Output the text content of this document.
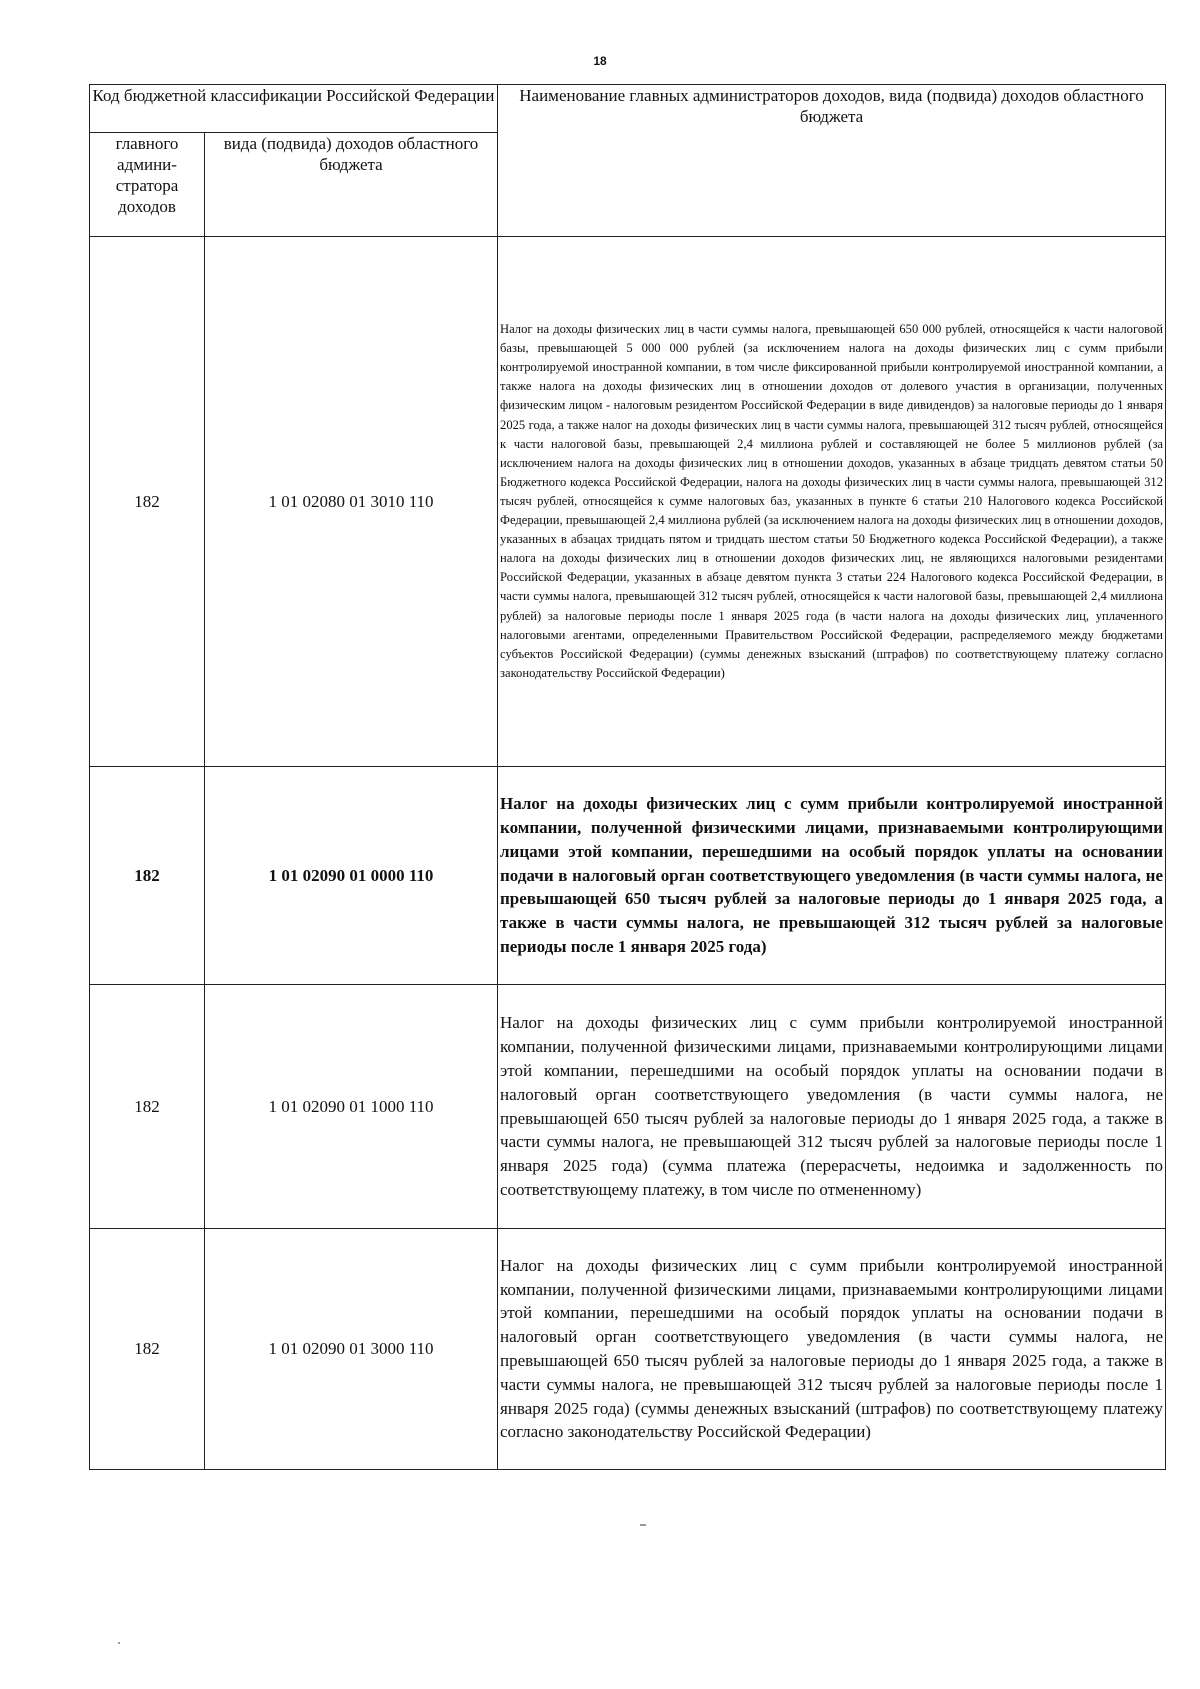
18
Код бюджетной классификации Российской Федерации		Наименование главных администраторов доходов, вида (подвида) доходов областного бюджета
главного админи-стратора доходов	вида (подвида) доходов областного бюджета	
182	1 01 02080 01 3010 110	Налог на доходы физических лиц в части суммы налога, превышающей 650 000 рублей, относящейся к части налоговой базы, превышающей 5 000 000 рублей (за исключением налога на доходы физических лиц с сумм прибыли контролируемой иностранной компании, в том числе фиксированной прибыли контролируемой иностранной компании, а также налога на доходы физических лиц в отношении доходов от долевого участия в организации, полученных физическим лицом - налоговым резидентом Российской Федерации в виде дивидендов) за налоговые периоды до 1 января 2025 года, а также налог на доходы физических лиц в части суммы налога, превышающей 312 тысяч рублей, относящейся к части налоговой базы, превышающей 2,4 миллиона рублей и составляющей не более 5 миллионов рублей (за исключением налога на доходы физических лиц в отношении доходов, указанных в абзаце тридцать девятом статьи 50 Бюджетного кодекса Российской Федерации, налога на доходы физических лиц в части суммы налога, превышающей 312 тысяч рублей, относящейся к сумме налоговых баз, указанных в пункте 6 статьи 210 Налогового кодекса Российской Федерации, превышающей 2,4 миллиона рублей (за исключением налога на доходы физических лиц в отношении доходов, указанных в абзацах тридцать пятом и тридцать шестом статьи 50 Бюджетного кодекса Российской Федерации), а также налога на доходы физических лиц в отношении доходов физических лиц, не являющихся налоговыми резидентами Российской Федерации, указанных в абзаце девятом пункта 3 статьи 224 Налогового кодекса Российской Федерации, в части суммы налога, превышающей 312 тысяч рублей, относящейся к части налоговой базы, превышающей 2,4 миллиона рублей) за налоговые периоды после 1 января 2025 года (в части налога на доходы физических лиц, уплаченного налоговыми агентами, определенными Правительством Российской Федерации, распределяемого между бюджетами субъектов Российской Федерации) (суммы денежных взысканий (штрафов) по соответствующему платежу согласно законодательству Российской Федерации)
182	1 01 02090 01 0000 110	Налог на доходы физических лиц с сумм прибыли контролируемой иностранной компании, полученной физическими лицами, признаваемыми контролирующими лицами этой компании, перешедшими на особый порядок уплаты на основании подачи в налоговый орган соответствующего уведомления (в части суммы налога, не превышающей 650 тысяч рублей за налоговые периоды до 1 января 2025 года, а также в части суммы налога, не превышающей 312 тысяч рублей за налоговые периоды после 1 января 2025 года)
182	1 01 02090 01 1000 110	Налог на доходы физических лиц с сумм прибыли контролируемой иностранной компании, полученной физическими лицами, признаваемыми контролирующими лицами этой компании, перешедшими на особый порядок уплаты на основании подачи в налоговый орган соответствующего уведомления (в части суммы налога, не превышающей 650 тысяч рублей за налоговые периоды до 1 января 2025 года, а также в части суммы налога, не превышающей 312 тысяч рублей за налоговые периоды после 1 января 2025 года) (сумма платежа (перерасчеты, недоимка и задолженность по соответствующему платежу, в том числе по отмененному)
182	1 01 02090 01 3000 110	Налог на доходы физических лиц с сумм прибыли контролируемой иностранной компании, полученной физическими лицами, признаваемыми контролирующими лицами этой компании, перешедшими на особый порядок уплаты на основании подачи в налоговый орган соответствующего уведомления (в части суммы налога, не превышающей 650 тысяч рублей за налоговые периоды до 1 января 2025 года, а также в части суммы налога, не превышающей 312 тысяч рублей за налоговые периоды после 1 января 2025 года) (суммы денежных взысканий (штрафов) по соответствующему платежу согласно законодательству Российской Федерации)
